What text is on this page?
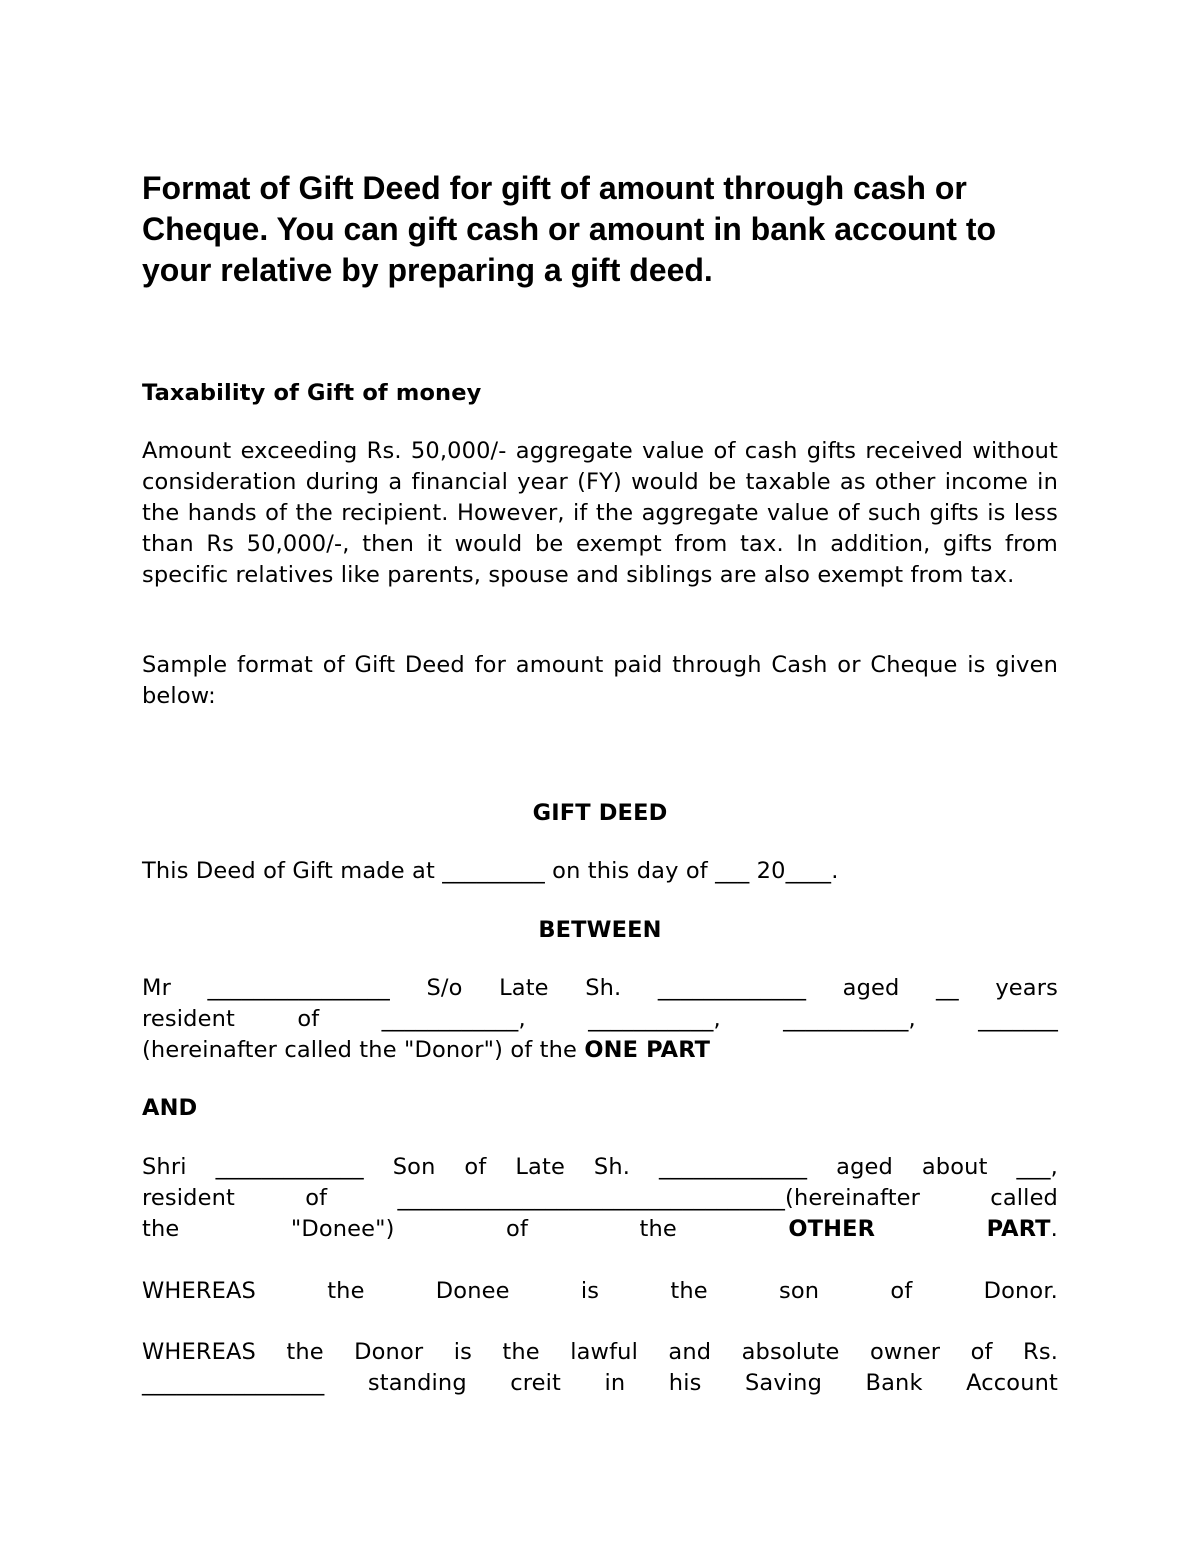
Format of Gift Deed for gift of amount through cash or Cheque. You can gift cash or amount in bank account to your relative by preparing a gift deed.

Taxability of Gift of money

Amount exceeding Rs. 50,000/- aggregate value of cash gifts received without consideration during a financial year (FY) would be taxable as other income in the hands of the recipient. However, if the aggregate value of such gifts is less than Rs 50,000/-, then it would be exempt from tax. In addition, gifts from specific relatives like parents, spouse and siblings are also exempt from tax.

Sample format of Gift Deed for amount paid through Cash or Cheque is given below:

GIFT DEED

This Deed of Gift made at _________ on this day of ___ 20____.

BETWEEN

Mr ________________ S/o Late Sh. _____________ aged __ years
resident of ____________, ___________, ___________, _______
(hereinafter called the "Donor") of the ONE PART

AND

Shri _____________ Son of Late Sh. _____________ aged about ___,
resident of __________________________________(hereinafter called
the "Donee") of the OTHER	PART.
WHEREAS the Donee is the son of Donor.
WHEREAS the Donor is the lawful and absolute owner of Rs.
________________ standing creit in his Saving Bank Account
